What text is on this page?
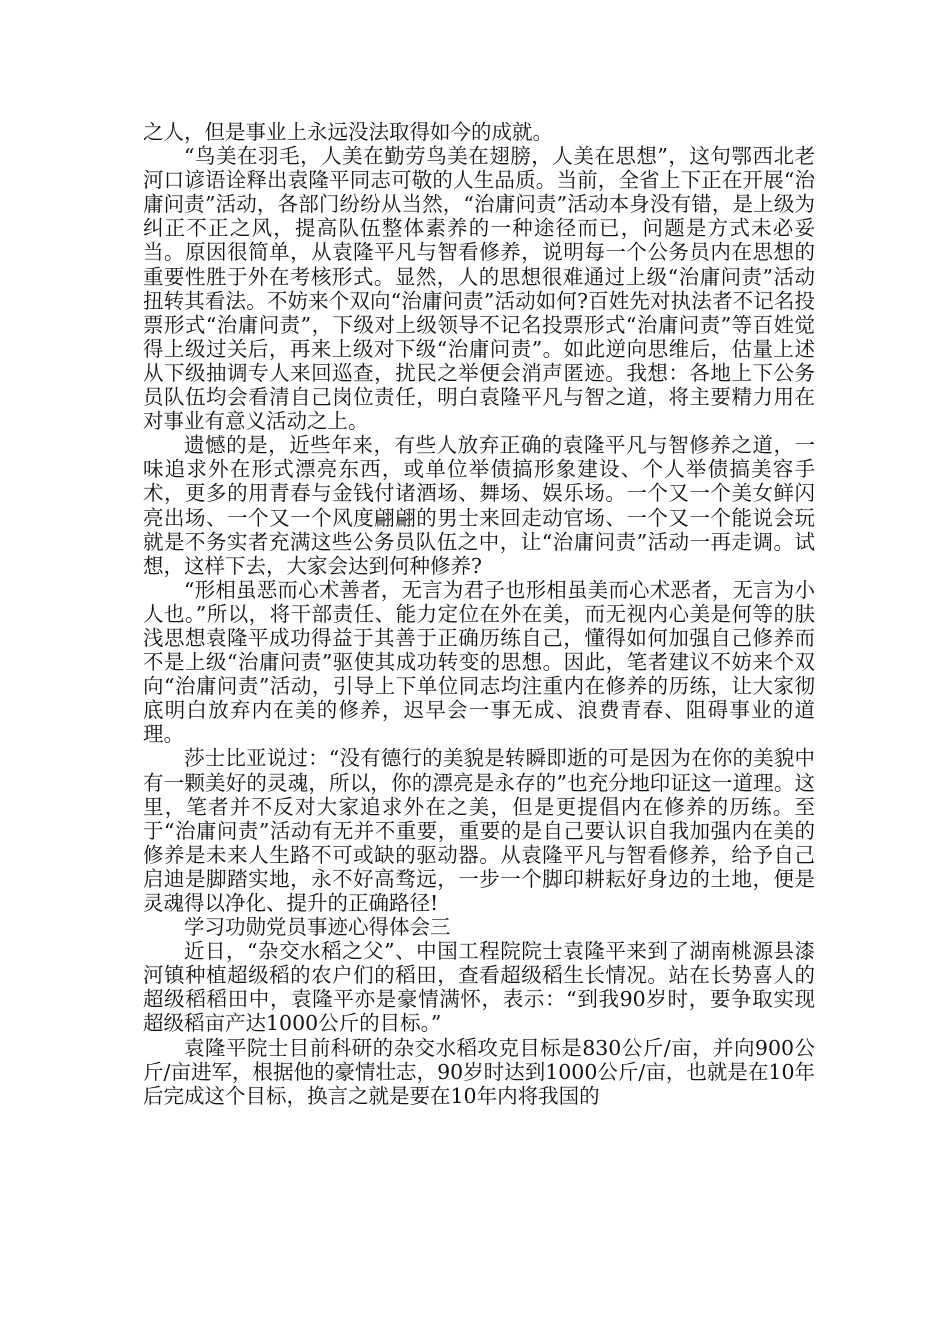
之人，但是事业上永远没法取得如今的成就。

“鸟美在羽毛，人美在勤劳鸟美在翅膀，人美在思想”，这句鄂西北老河口谚语诠释出袁隆平同志可敬的人生品质。当前，全省上下正在开展“治庸问责”活动，各部门纷纷从当然，“治庸问责”活动本身没有错，是上级为纠正不正之风，提高队伍整体素养的一种途径而已，问题是方式未必妥当。原因很简单，从袁隆平凡与智看修养，说明每一个公务员内在思想的重要性胜于外在考核形式。显然，人的思想很难通过上级“治庸问责”活动扭转其看法。不妨来个双向“治庸问责”活动如何?百姓先对执法者不记名投票形式“治庸问责”，下级对上级领导不记名投票形式“治庸问责”等百姓觉得上级过关后，再来上级对下级“治庸问责”。如此逆向思维后，估量上述从下级抽调专人来回巡查，扰民之举便会消声匿迹。我想：各地上下公务员队伍均会看清自己岗位责任，明白袁隆平凡与智之道，将主要精力用在对事业有意义活动之上。

遗憾的是，近些年来，有些人放弃正确的袁隆平凡与智修养之道，一味追求外在形式漂亮东西，或单位举债搞形象建设、个人举债搞美容手术，更多的用青春与金钱付诸酒场、舞场、娱乐场。一个又一个美女鲜闪亮出场、一个又一个风度翩翩的男士来回走动官场、一个又一个能说会玩就是不务实者充满这些公务员队伍之中，让“治庸问责”活动一再走调。试想，这样下去，大家会达到何种修养?

“形相虽恶而心术善者，无言为君子也形相虽美而心术恶者，无言为小人也。”所以，将干部责任、能力定位在外在美，而无视内心美是何等的肤浅思想袁隆平成功得益于其善于正确历练自己，懂得如何加强自己修养而不是上级“治庸问责”驱使其成功转变的思想。因此，笔者建议不妨来个双向“治庸问责”活动，引导上下单位同志均注重内在修养的历练，让大家彻底明白放弃内在美的修养，迟早会一事无成、浪费青春、阻碍事业的道理。

莎士比亚说过：“没有德行的美貌是转瞬即逝的可是因为在你的美貌中有一颗美好的灵魂，所以，你的漂亮是永存的”也充分地印证这一道理。这里，笔者并不反对大家追求外在之美，但是更提倡内在修养的历练。至于“治庸问责”活动有无并不重要，重要的是自己要认识自我加强内在美的修养是未来人生路不可或缺的驱动器。从袁隆平凡与智看修养，给予自己启迪是脚踏实地，永不好高骛远，一步一个脚印耕耘好身边的土地，便是灵魂得以净化、提升的正确路径!

学习功勋党员事迹心得体会三

近日，“杂交水稻之父”、中国工程院院士袁隆平来到了湖南桃源县漆河镇种植超级稻的农户们的稻田，查看超级稻生长情况。站在长势喜人的超级稻稻田中，袁隆平亦是豪情满怀，表示：“到我90岁时，要争取实现超级稻亩产达1000公斤的目标。”

袁隆平院士目前科研的杂交水稻攻克目标是830公斤/亩，并向900公斤/亩进军，根据他的豪情壮志，90岁时达到1000公斤/亩，也就是在10年后完成这个目标，换言之就是要在10年内将我国的
